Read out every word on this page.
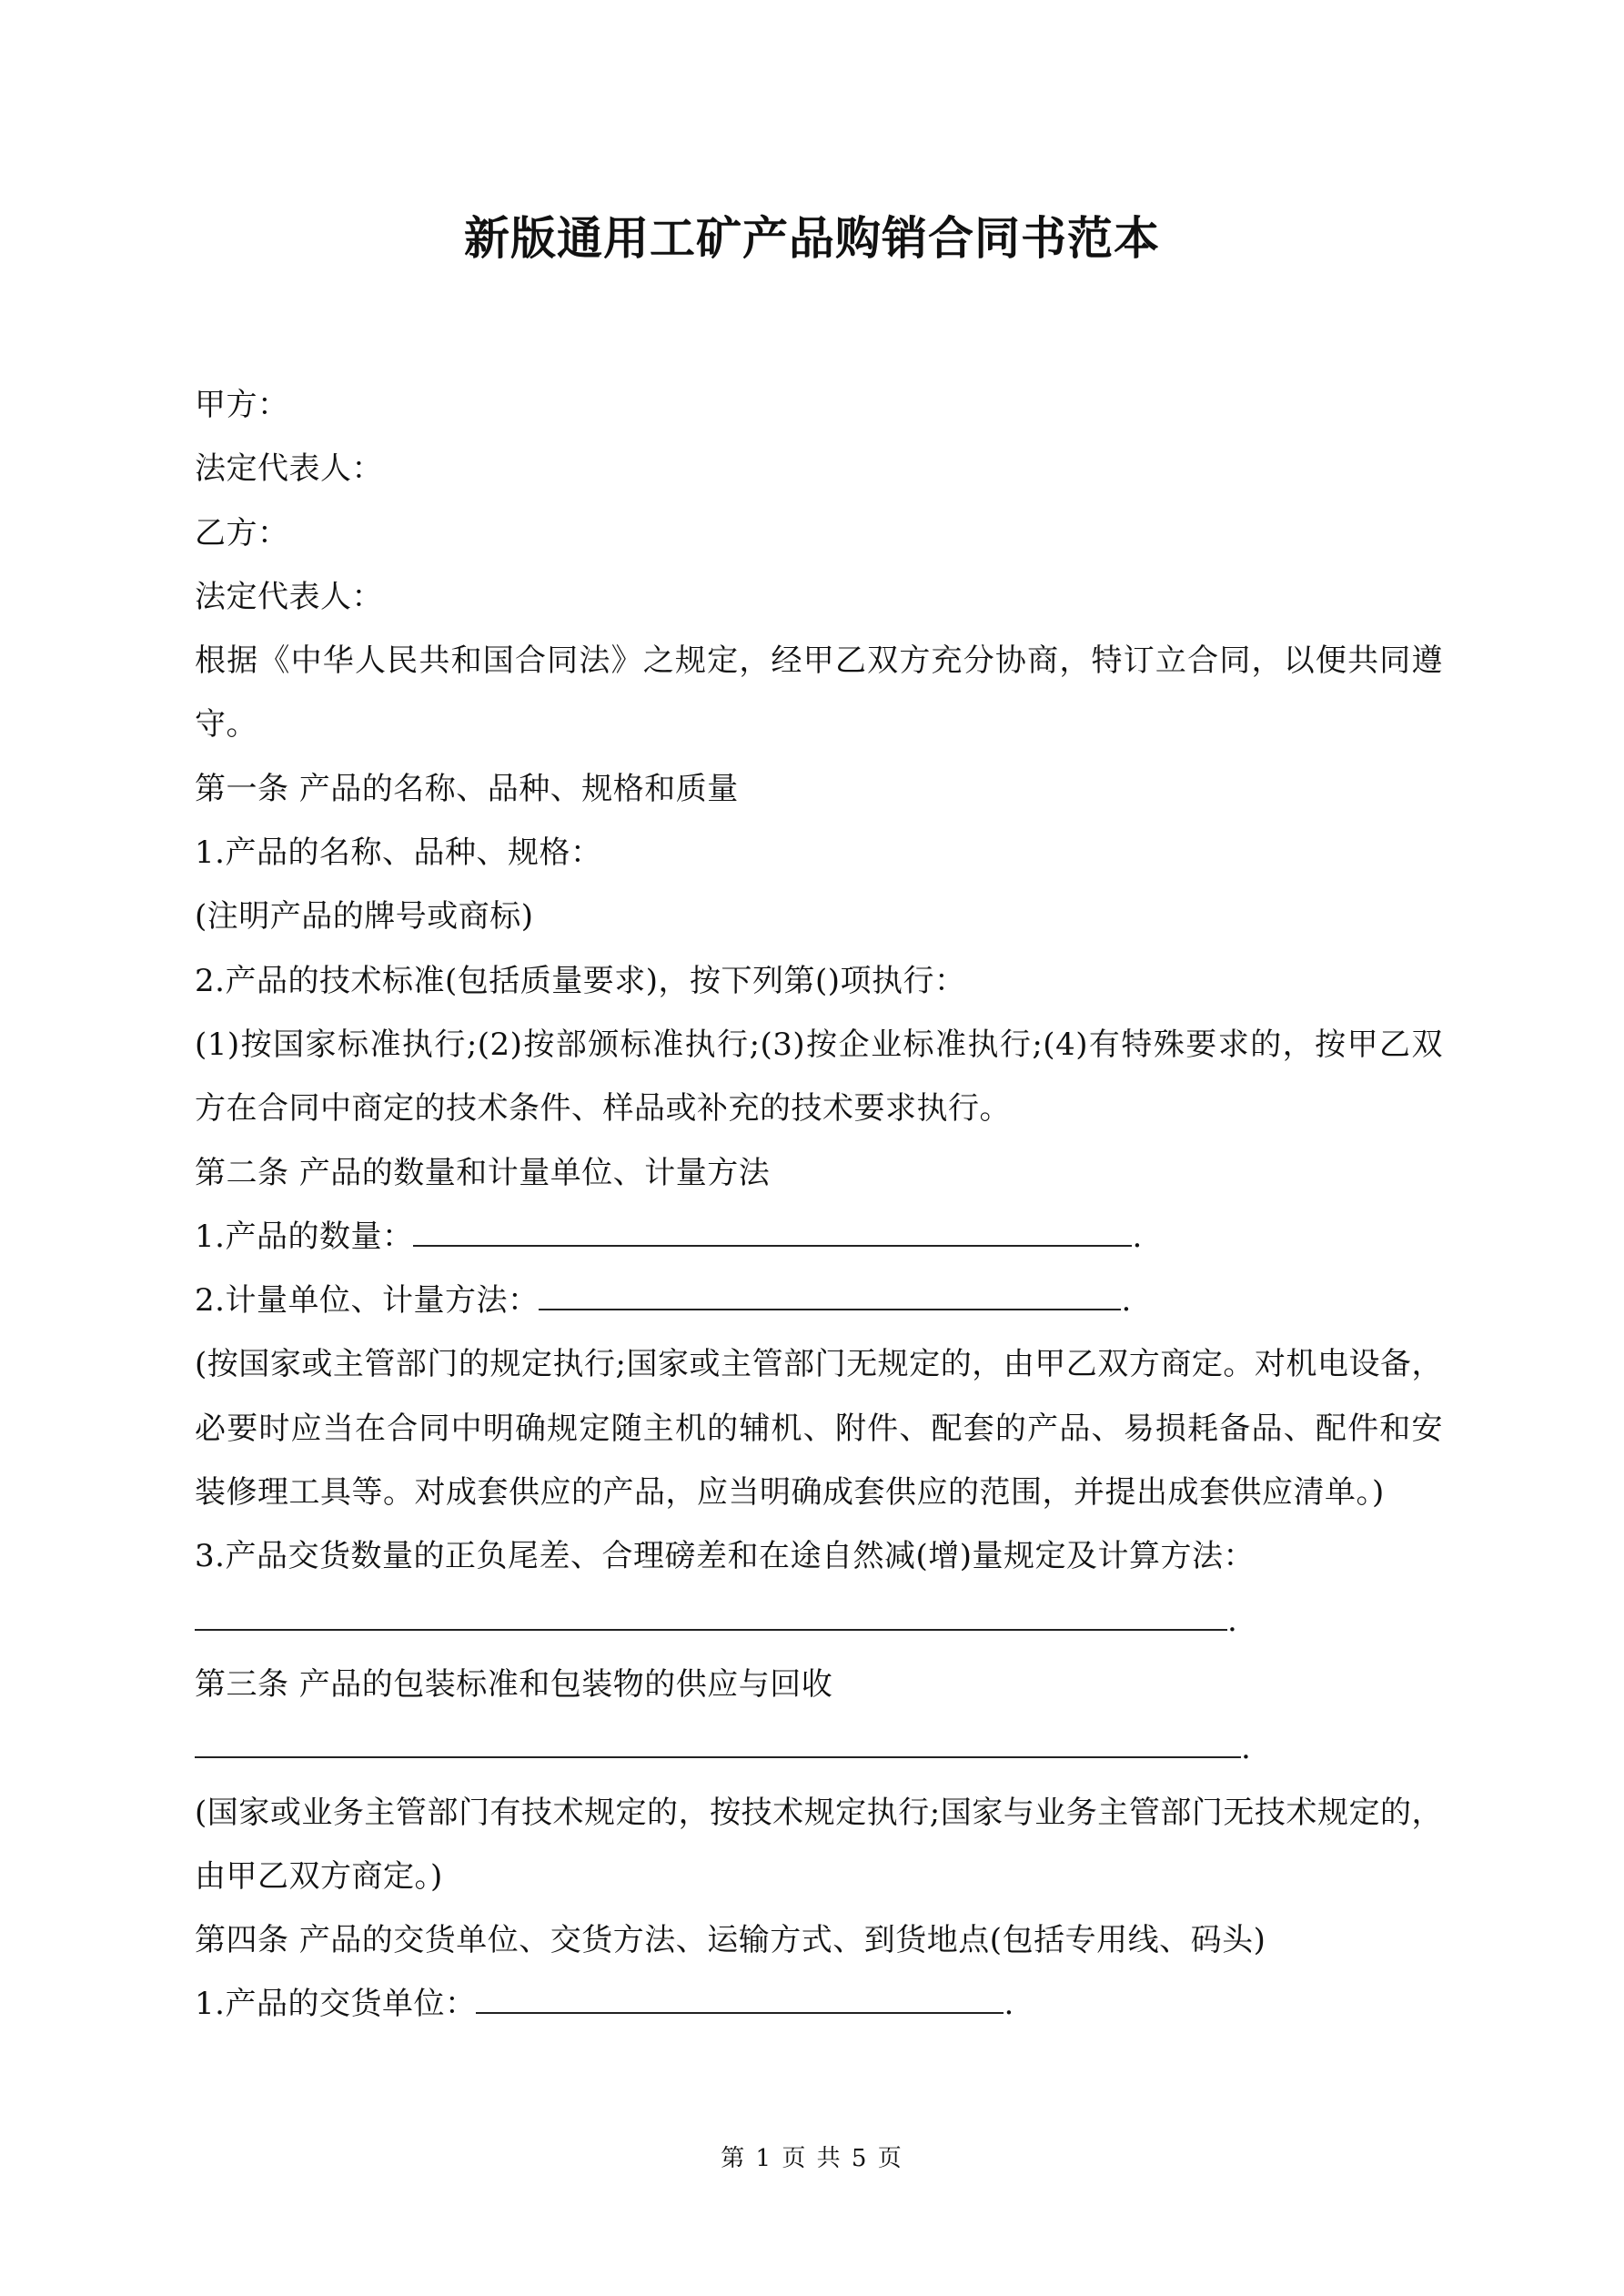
新版通用工矿产品购销合同书范本
甲方：
法定代表人：
乙方：
法定代表人：
根据《中华人民共和国合同法》之规定，经甲乙双方充分协商，特订立合同，以便共同遵守。
第一条 产品的名称、品种、规格和质量
1.产品的名称、品种、规格：
(注明产品的牌号或商标)
2.产品的技术标准(包括质量要求)，按下列第()项执行：
(1)按国家标准执行;(2)按部颁标准执行;(3)按企业标准执行;(4)有特殊要求的，按甲乙双方在合同中商定的技术条件、样品或补充的技术要求执行。
第二条 产品的数量和计量单位、计量方法
1.产品的数量：	.
2.计量单位、计量方法：	.
(按国家或主管部门的规定执行;国家或主管部门无规定的，由甲乙双方商定。对机电设备，必要时应当在合同中明确规定随主机的辅机、附件、配套的产品、易损耗备品、配件和安装修理工具等。对成套供应的产品，应当明确成套供应的范围，并提出成套供应清单。)
3.产品交货数量的正负尾差、合理磅差和在途自然减(增)量规定及计算方法：
.
第三条 产品的包装标准和包装物的供应与回收
.
(国家或业务主管部门有技术规定的，按技术规定执行;国家与业务主管部门无技术规定的，由甲乙双方商定。)
第四条 产品的交货单位、交货方法、运输方式、到货地点(包括专用线、码头)
1.产品的交货单位：	.
第 1 页 共 5 页
